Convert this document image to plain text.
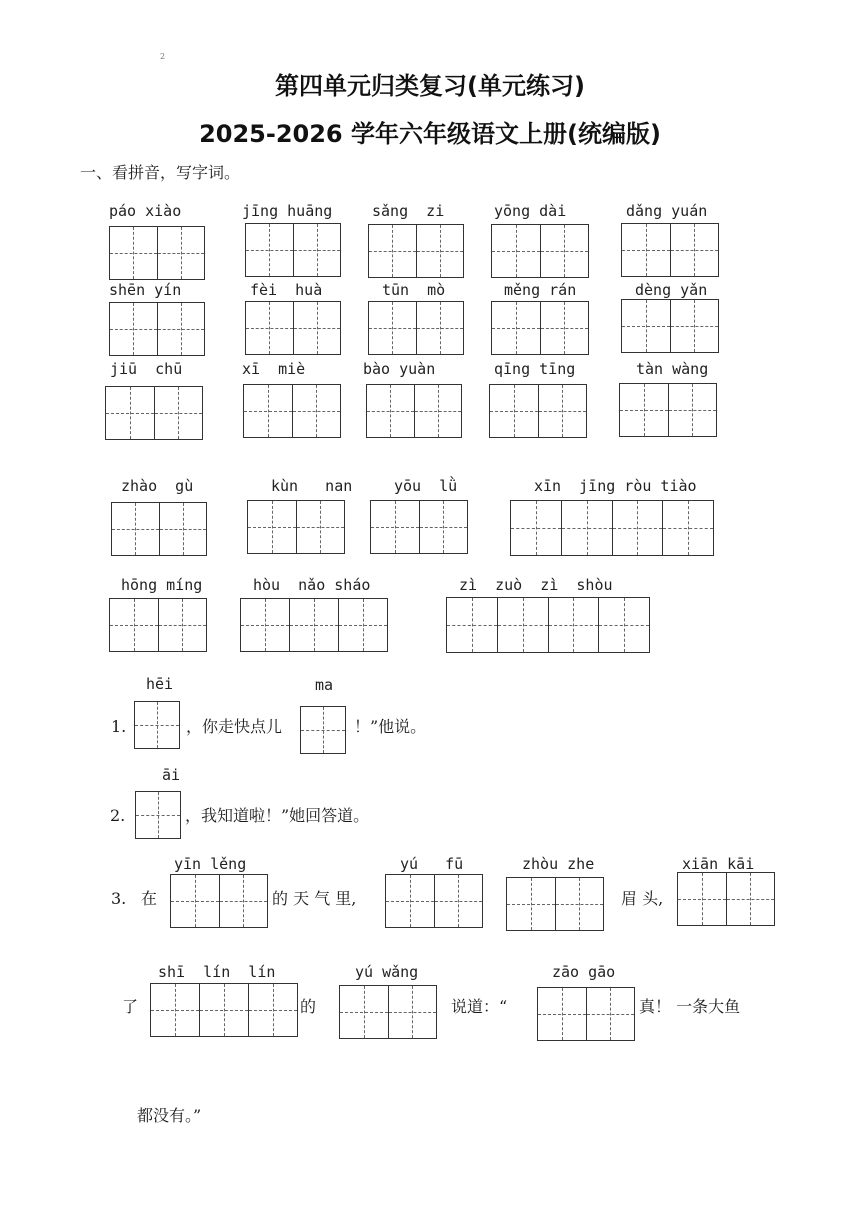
2
第四单元归类复习(单元练习)
2025-2026 学年六年级语文上册(统编版)
一、看拼音，写字词。
páo xiào	jīng huāng	sǎng  zi	yōng dài	dǎng yuán
shēn yín	fèi  huà	tūn  mò	měng rán	dèng yǎn
jiū  chū	xī  miè	bào yuàn	qīng tīng	tàn wàng
zhào  gù	kùn   nan	yōu  lǜ	xīn  jīng ròu tiào
hōng míng	hòu  nǎo sháo	zì  zuò  zì  shòu
hēi	ma
1.	，你走快点儿	！”他说。
āi
2.	，我知道啦！”她回答道。
3. 在
yīn lěng
的 天 气 里,
yú   fū	zhòu zhe
眉 头,
xiān kāi
了
shī  lín  lín
的
yú wǎng
说道：“
zāo gāo
真！ 一条大鱼
都没有。”
